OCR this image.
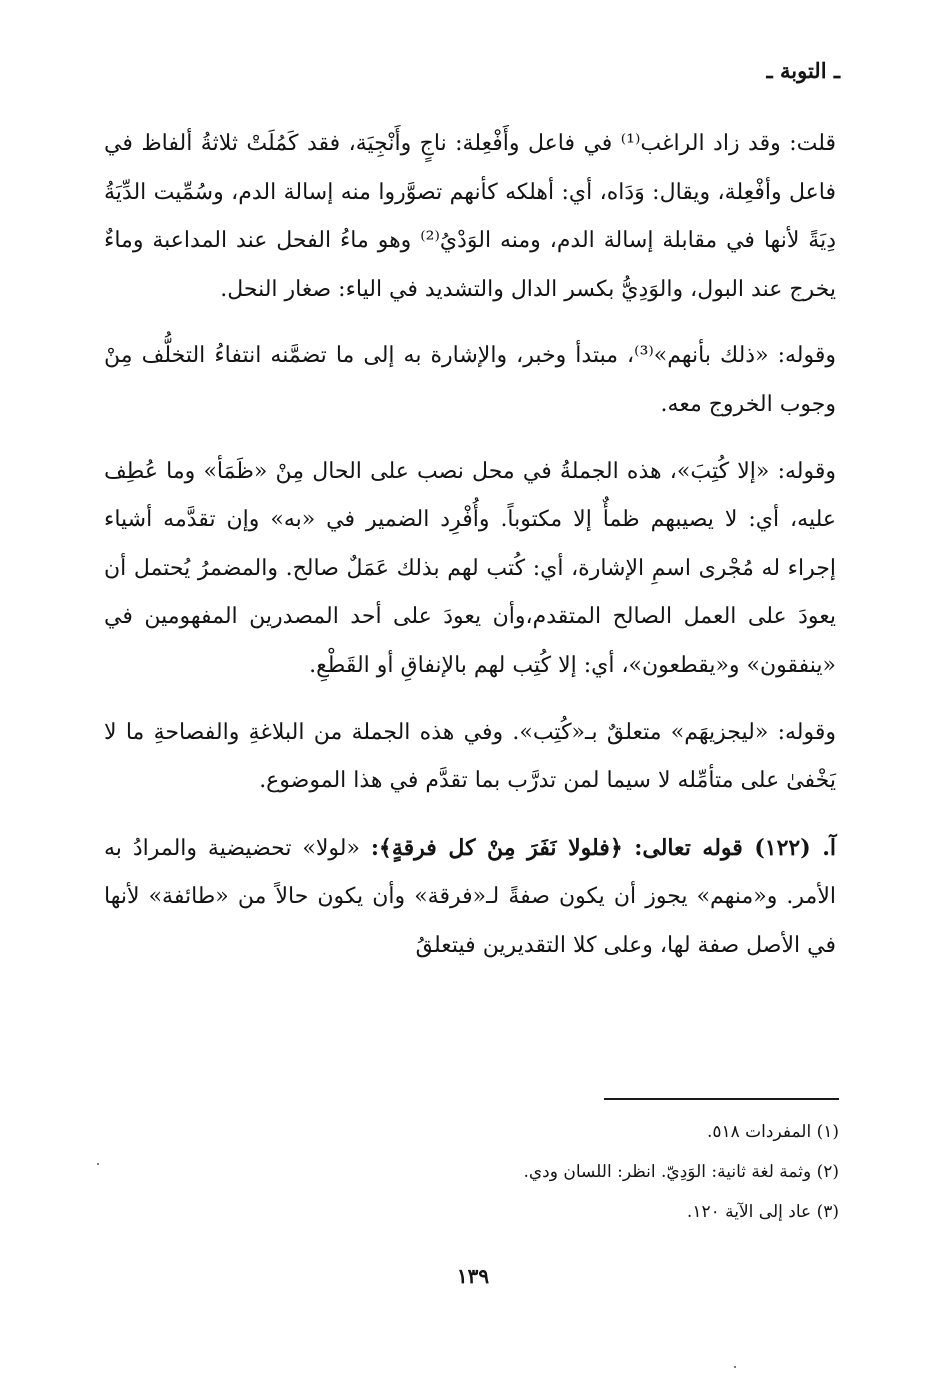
ـ التوبة ـ

قلت: وقد زاد الراغب⁽¹⁾ في فاعل وأَفْعِلة: ناجٍ وأَنْجِيَة، فقد كَمُلَتْ ثلاثةُ ألفاظ في فاعل وأفْعِلة، ويقال: وَدَاه، أي: أهلكه كأنهم تصوَّروا منه إسالة الدم، وسُمِّيت الدِّيَةُ دِيَةً لأنها في مقابلة إسالة الدم، ومنه الوَدْيُ⁽²⁾ وهو ماءُ الفحل عند المداعبة وماءٌ يخرج عند البول، والوَدِيُّ بكسر الدال والتشديد في الياء: صغار النحل.

وقوله: «ذلك بأنهم»⁽³⁾، مبتدأ وخبر، والإشارة به إلى ما تضمَّنه انتفاءُ التخلُّف مِنْ وجوب الخروج معه.

وقوله: «إلا كُتِبَ»، هذه الجملةُ في محل نصب على الحال مِنْ «ظَمَأ» وما عُطِف عليه، أي: لا يصيبهم ظمأٌ إلا مكتوباً. وأُفْرِد الضمير في «به» وإن تقدَّمه أشياء إجراء له مُجْرى اسمِ الإشارة، أي: كُتب لهم بذلك عَمَلٌ صالح. والمضمرُ يُحتمل أن يعودَ على العمل الصالح المتقدم،وأن يعودَ على أحد المصدرين المفهومين في «ينفقون» و«يقطعون»، أي: إلا كُتِب لهم بالإنفاقِ أو القَطْعِ.

وقوله: «ليجزيهَم» متعلقٌ بـ«كُتِب». وفي هذه الجملة من البلاغةِ والفصاحةِ ما لا يَخْفىٰ على متأمِّله لا سيما لمن تدرَّب بما تقدَّم في هذا الموضوع.

آ. (١٢٢) قوله تعالى: ﴿فلولا نَفَرَ مِنْ كل فرقةٍ﴾: «لولا» تحضيضية والمرادُ به الأمر. و«منهم» يجوز أن يكون صفةً لـ«فرقة» وأن يكون حالاً من «طائفة» لأنها في الأصل صفة لها، وعلى كلا التقديرين فيتعلقُ

(١) المفردات ٥١٨.
(٢) وثمة لغة ثانية: الوَدِيّ. انظر: اللسان ودي.
(٣) عاد إلى الآية ١٢٠.
١٣٩
